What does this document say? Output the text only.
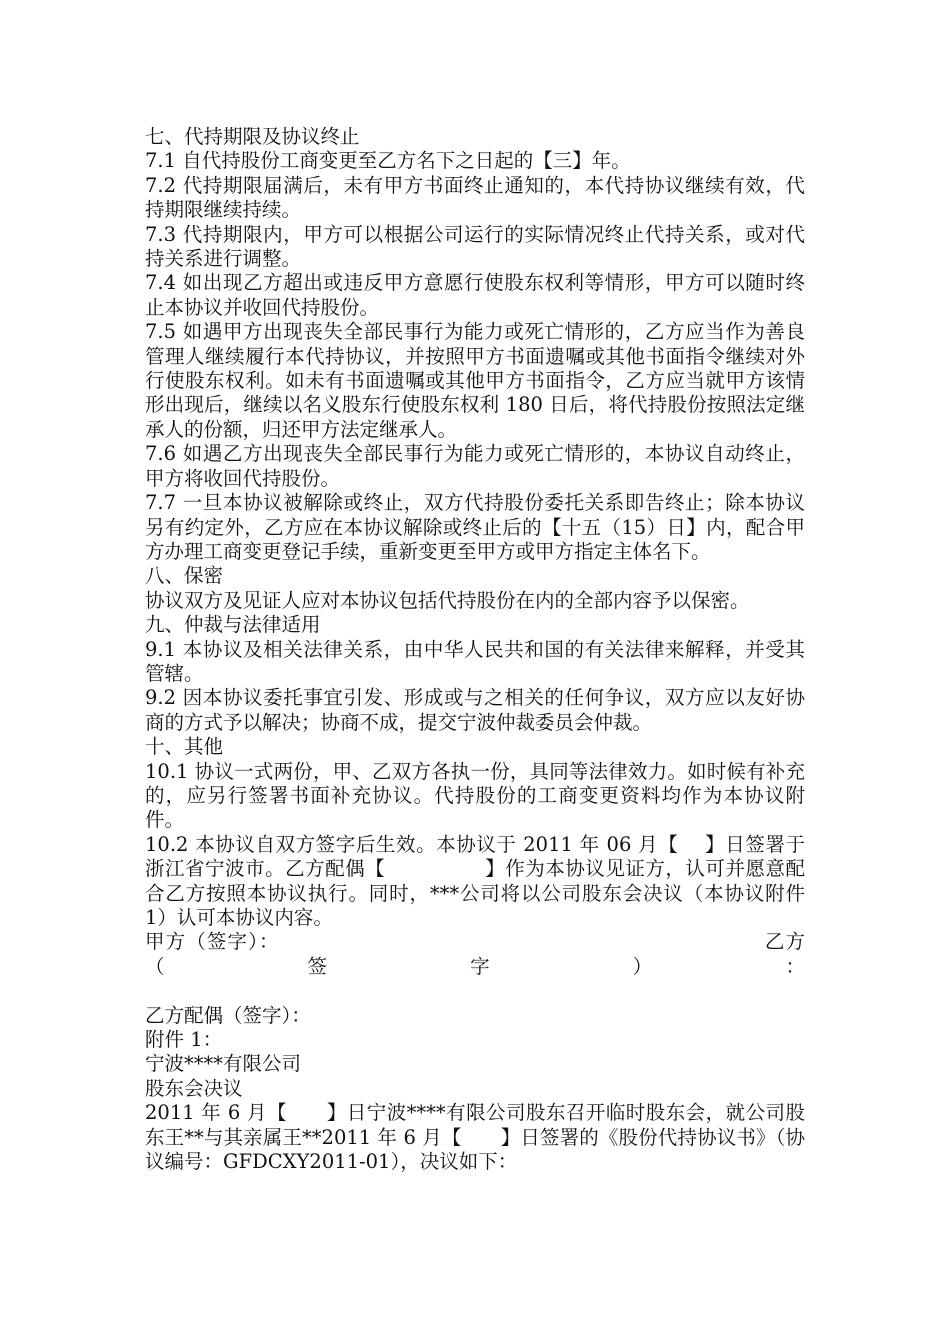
七、代持期限及协议终止

7.1 自代持股份工商变更至乙方名下之日起的【三】年。

7.2 代持期限届满后，未有甲方书面终止通知的，本代持协议继续有效，代持期限继续持续。

7.3 代持期限内，甲方可以根据公司运行的实际情况终止代持关系，或对代持关系进行调整。

7.4 如出现乙方超出或违反甲方意愿行使股东权利等情形，甲方可以随时终止本协议并收回代持股份。

7.5 如遇甲方出现丧失全部民事行为能力或死亡情形的，乙方应当作为善良管理人继续履行本代持协议，并按照甲方书面遗嘱或其他书面指令继续对外行使股东权利。如未有书面遗嘱或其他甲方书面指令，乙方应当就甲方该情形出现后，继续以名义股东行使股东权利 180 日后，将代持股份按照法定继承人的份额，归还甲方法定继承人。

7.6 如遇乙方出现丧失全部民事行为能力或死亡情形的，本协议自动终止，甲方将收回代持股份。

7.7 一旦本协议被解除或终止，双方代持股份委托关系即告终止；除本协议另有约定外，乙方应在本协议解除或终止后的【十五（15）日】内，配合甲方办理工商变更登记手续，重新变更至甲方或甲方指定主体名下。

八、保密

协议双方及见证人应对本协议包括代持股份在内的全部内容予以保密。

九、仲裁与法律适用

9.1 本协议及相关法律关系，由中华人民共和国的有关法律来解释，并受其管辖。

9.2 因本协议委托事宜引发、形成或与之相关的任何争议，双方应以友好协商的方式予以解决；协商不成，提交宁波仲裁委员会仲裁。

十、其他

10.1 协议一式两份，甲、乙双方各执一份，具同等法律效力。如时候有补充的，应另行签署书面补充协议。代持股份的工商变更资料均作为本协议附件。

10.2 本协议自双方签字后生效。本协议于 2011 年 06 月【　 】日签署于浙江省宁波市。乙方配偶【　　　　　】作为本协议见证方，认可并愿意配合乙方按照本协议执行。同时，***公司将以公司股东会决议（本协议附件 1）认可本协议内容。

甲方（签字）：　　　　　　　　　　　　　　　　　　　　　　　　乙方（签字）：

乙方配偶（签字）：

附件 1：

宁波****有限公司

股东会决议

2011 年 6 月【　　】日宁波****有限公司股东召开临时股东会，就公司股东王**与其亲属王**2011 年 6 月【　　】日签署的《股份代持协议书》（协议编号：GFDCXY2011-01），决议如下：
